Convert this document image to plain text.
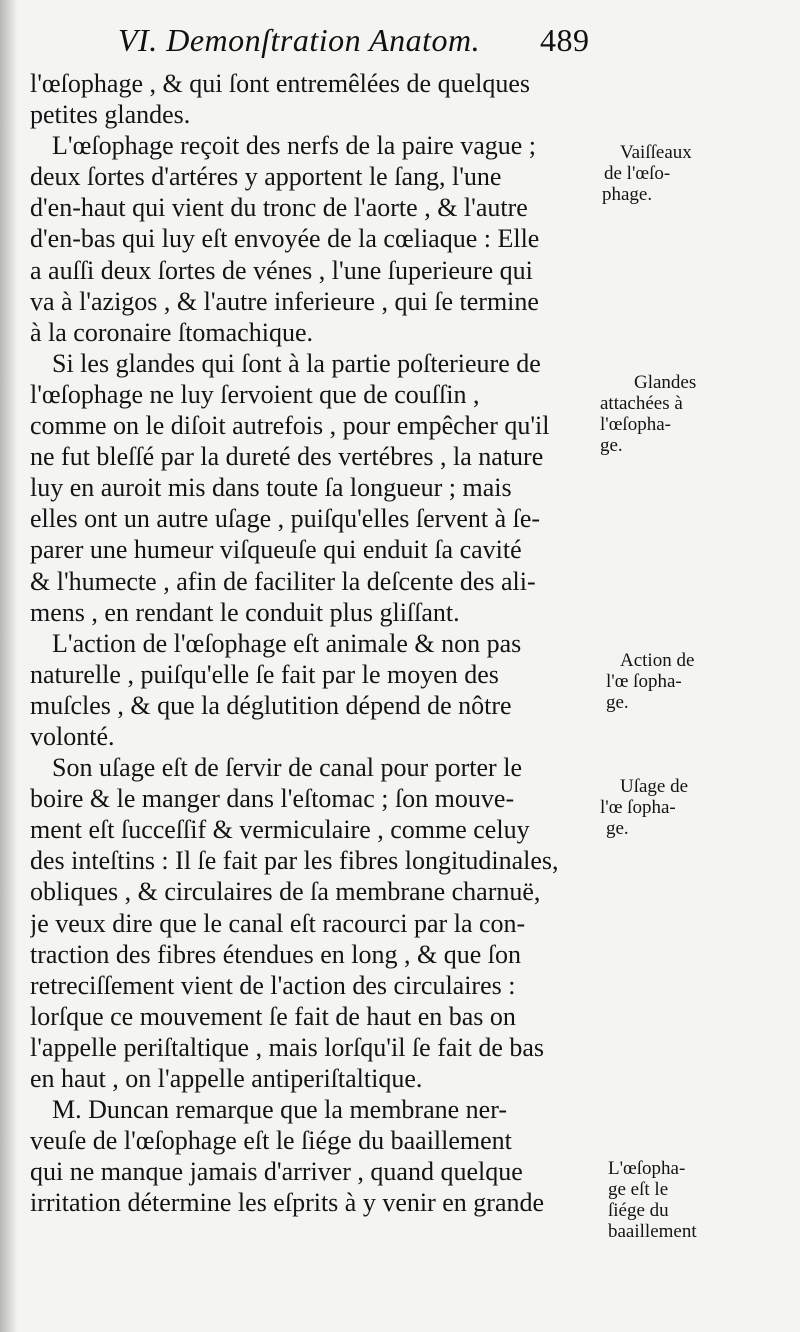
VI. Demonſtration Anatom. 489
l'œſophage , & qui ſont entremêlées de quelques
petites glandes.
L'œſophage reçoit des nerfs de la paire vague ;
deux ſortes d'artéres y apportent le ſang, l'une
d'en-haut qui vient du tronc de l'aorte , & l'autre
d'en-bas qui luy eſt envoyée de la cœliaque : Elle
a auſſi deux ſortes de vénes , l'une ſuperieure qui
va à l'azigos , & l'autre inferieure , qui ſe termine
à la coronaire ſtomachique.
Si les glandes qui ſont à la partie poſterieure de
l'œſophage ne luy ſervoient que de couſſin ,
comme on le diſoit autrefois , pour empêcher qu'il
ne fut bleſſé par la dureté des vertébres , la nature
luy en auroit mis dans toute ſa longueur ; mais
elles ont un autre uſage , puiſqu'elles ſervent à ſe-
parer une humeur viſqueuſe qui enduit ſa cavité
& l'humecte , afin de faciliter la deſcente des ali-
mens , en rendant le conduit plus gliſſant.
L'action de l'œſophage eſt animale & non pas
naturelle , puiſqu'elle ſe fait par le moyen des
muſcles , & que la déglutition dépend de nôtre
volonté.
Son uſage eſt de ſervir de canal pour porter le
boire & le manger dans l'eſtomac ; ſon mouve-
ment eſt ſucceſſif & vermiculaire , comme celuy
des inteſtins : Il ſe fait par les fibres longitudinales,
obliques , & circulaires de ſa membrane charnuë,
je veux dire que le canal eſt racourci par la con-
traction des fibres étendues en long , & que ſon
retreciſſement vient de l'action des circulaires :
lorſque ce mouvement ſe fait de haut en bas on
l'appelle periſtaltique , mais lorſqu'il ſe fait de bas
en haut , on l'appelle antiperiſtaltique.
M. Duncan remarque que la membrane ner-
veuſe de l'œſophage eſt le ſiége du baaillement
qui ne manque jamais d'arriver , quand quelque
irritation détermine les eſprits à y venir en grande
Vaiſſeaux
de l'œſo-
phage.
Glandes
attachées à
l'œſopha-
ge.
Action de
l'œ ſopha-
ge.
Uſage de
l'œ ſopha-
ge.
L'œſopha-
ge eſt le
ſiége du
baaillement
